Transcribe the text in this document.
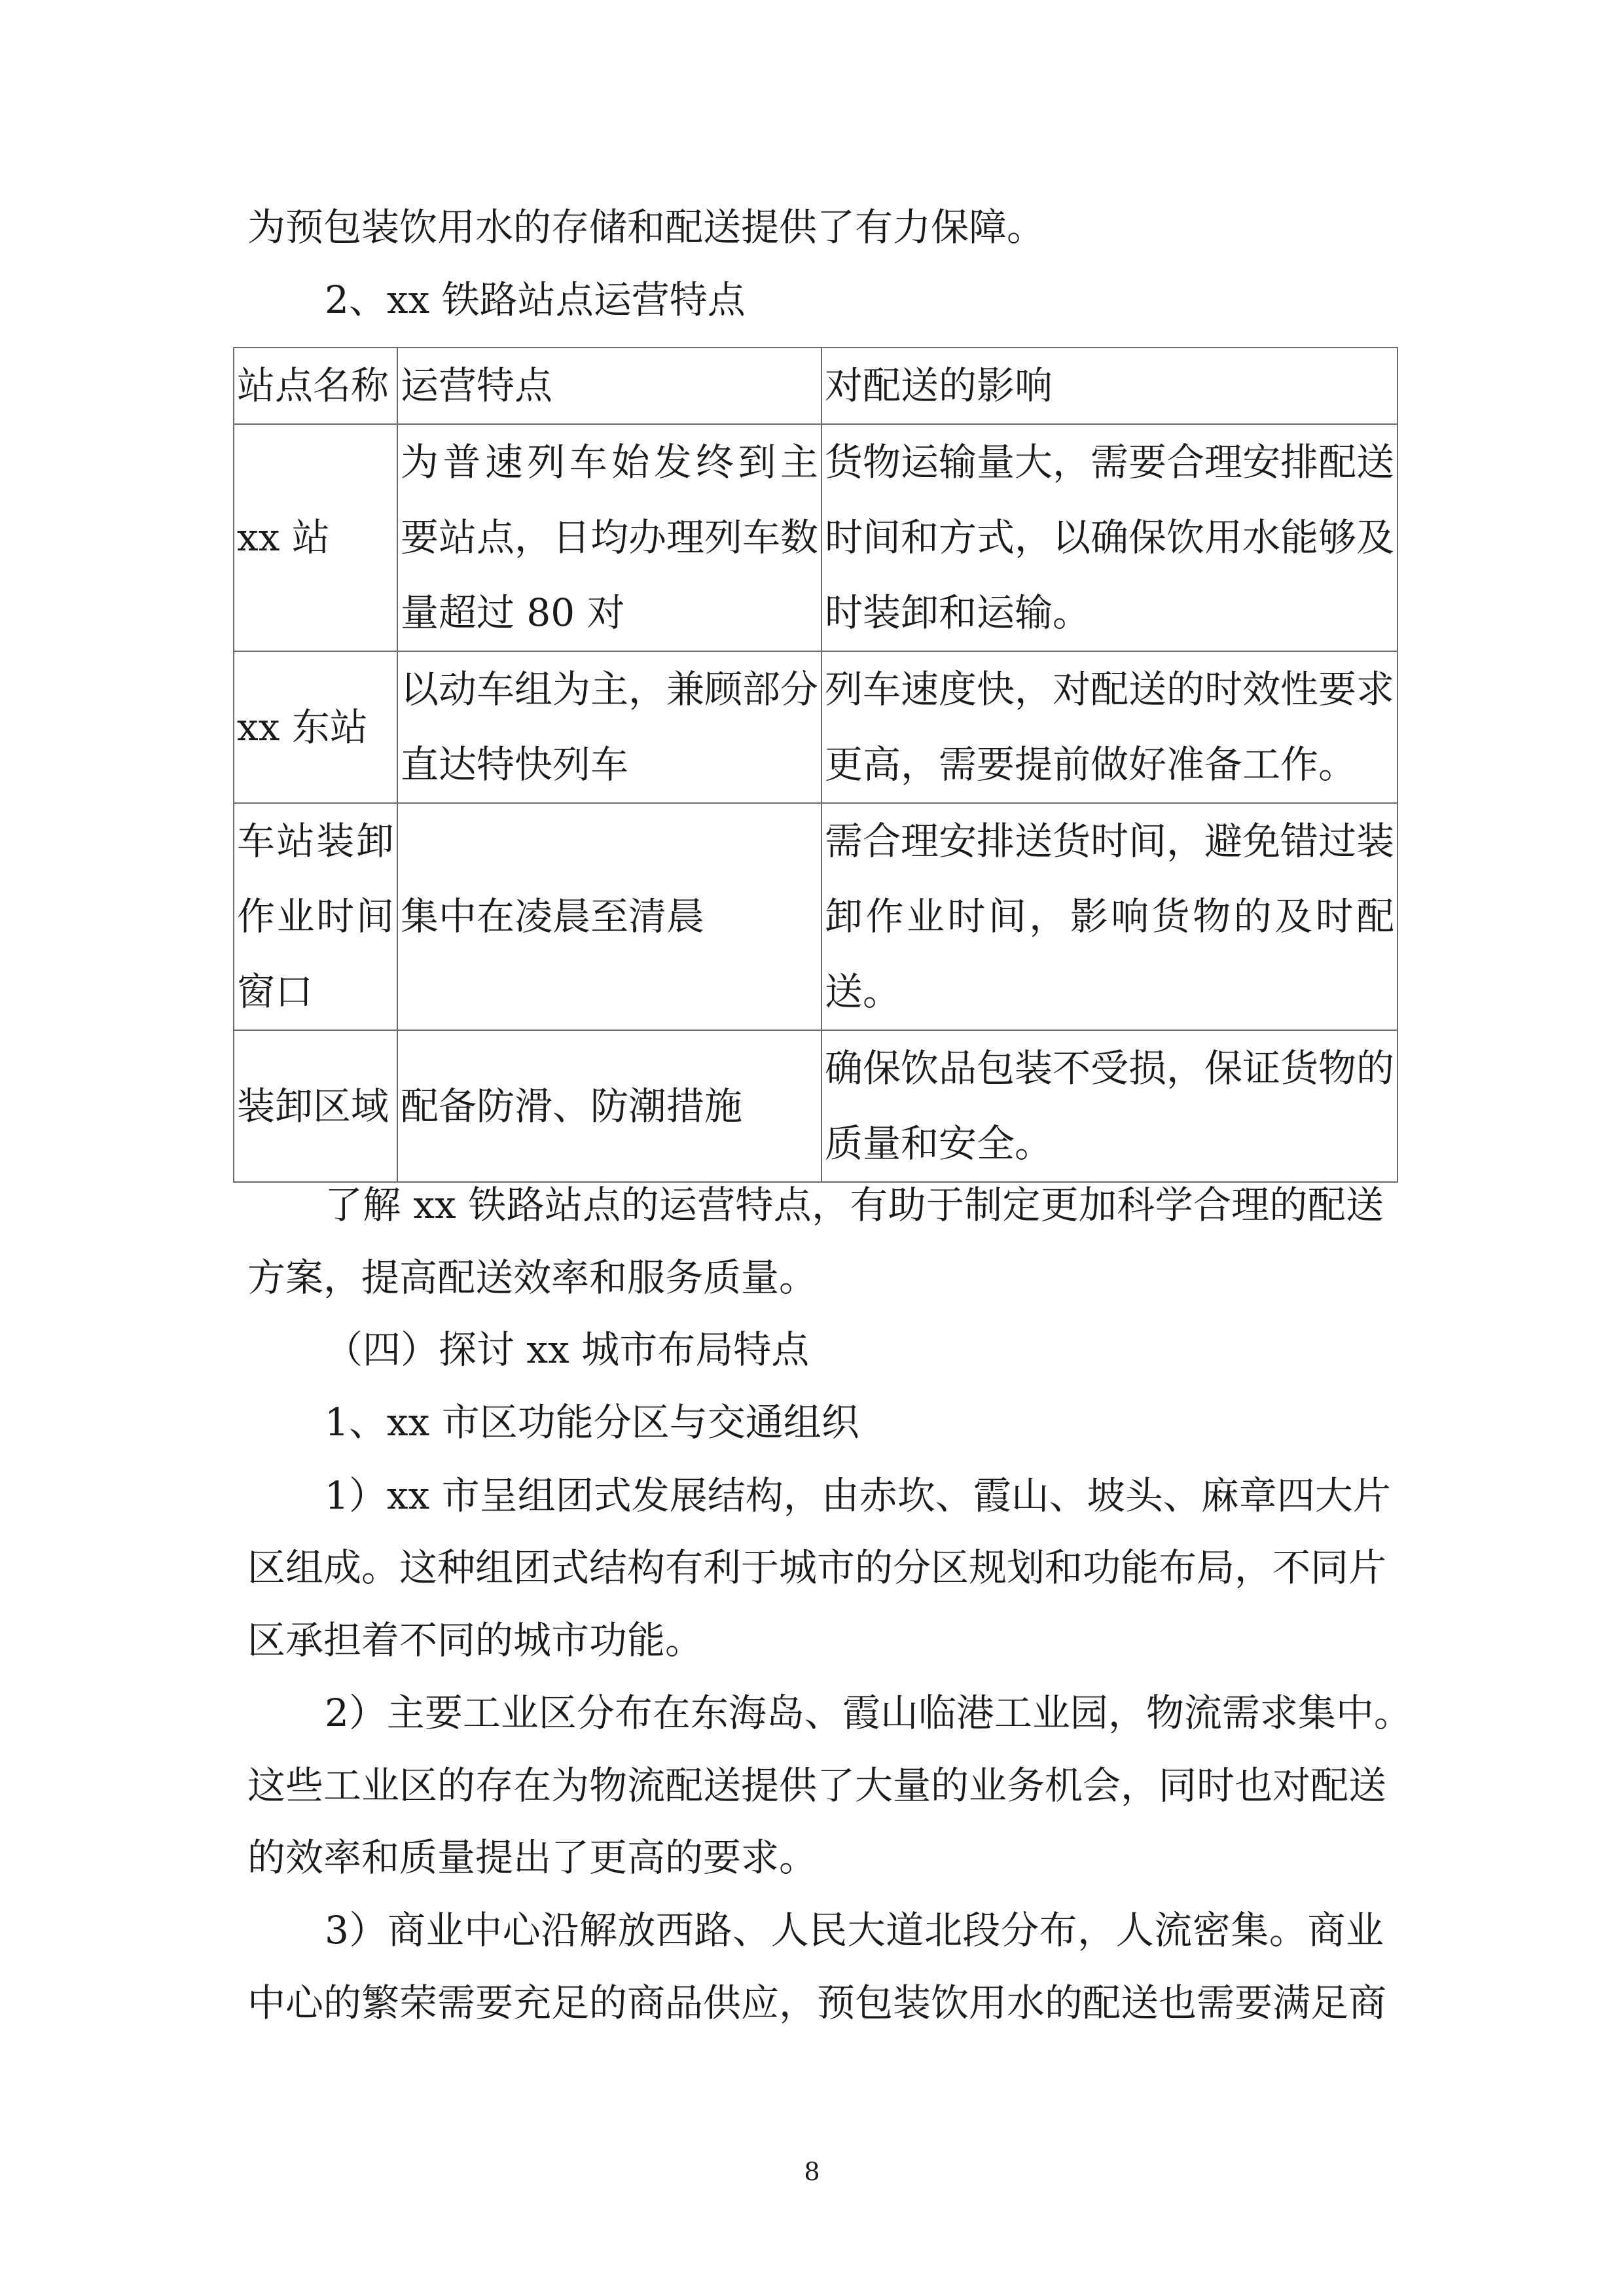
为预包装饮用水的存储和配送提供了有力保障。
2、xx 铁路站点运营特点
站点名称	运营特点	对配送的影响

xx 站	为普速列车始发终到主
要站点，日均办理列车数
量超过 80 对	货物运输量大，需要合理安排配送
时间和方式，以确保饮用水能够及
时装卸和运输。

xx 东站	以动车组为主，兼顾部分
直达特快列车	列车速度快，对配送的时效性要求
更高，需要提前做好准备工作。

车站装卸
作业时间
窗口	集中在凌晨至清晨	需合理安排送货时间，避免错过装
卸作业时间，影响货物的及时配
送。

装卸区域	配备防滑、防潮措施	确保饮品包装不受损，保证货物的
质量和安全。
了解 xx 铁路站点的运营特点，有助于制定更加科学合理的配送
方案，提高配送效率和服务质量。
（四）探讨 xx 城市布局特点
1、xx 市区功能分区与交通组织
1）xx 市呈组团式发展结构，由赤坎、霞山、坡头、麻章四大片
区组成。这种组团式结构有利于城市的分区规划和功能布局，不同片
区承担着不同的城市功能。
2）主要工业区分布在东海岛、霞山临港工业园，物流需求集中。
这些工业区的存在为物流配送提供了大量的业务机会，同时也对配送
的效率和质量提出了更高的要求。
3）商业中心沿解放西路、人民大道北段分布，人流密集。商业
中心的繁荣需要充足的商品供应，预包装饮用水的配送也需要满足商
8
